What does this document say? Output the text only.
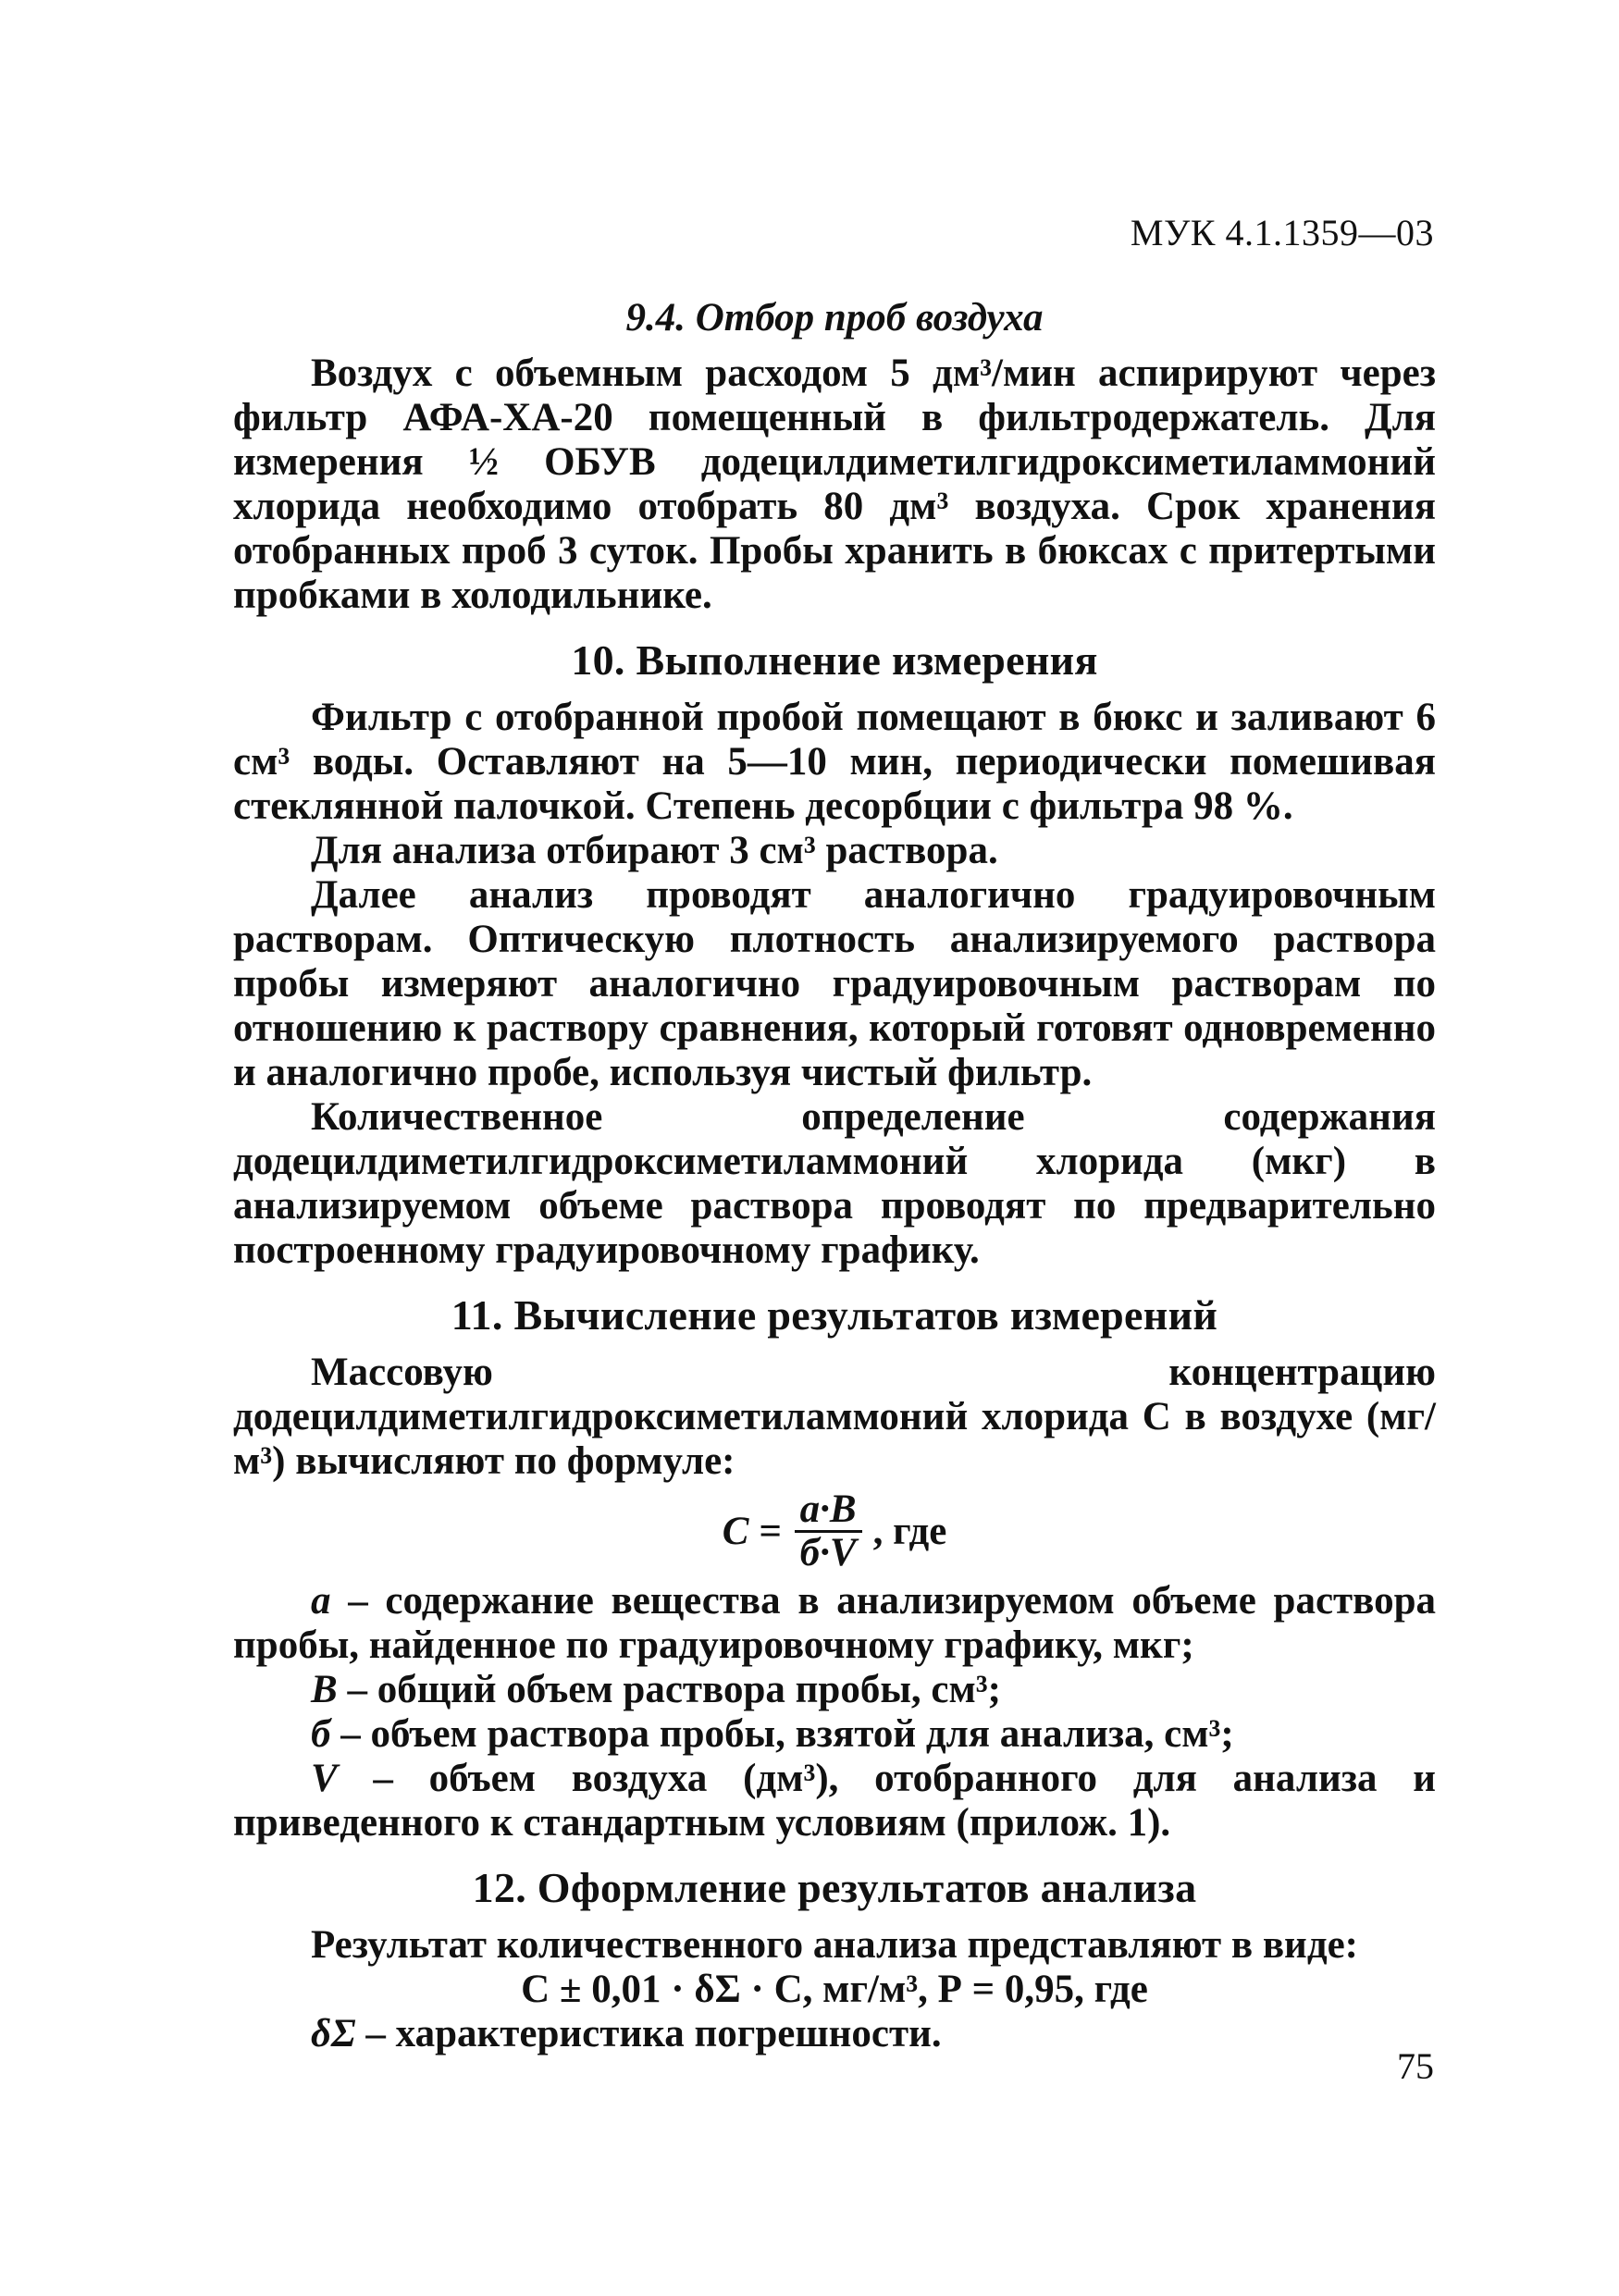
МУК 4.1.1359—03

9.4. Отбор проб воздуха

Воздух с объемным расходом 5 дм³/мин аспирируют через фильтр АФА-ХА-20 помещенный в фильтродержатель. Для измерения ½ ОБУВ додецилдиметилгидроксиметиламмоний хлорида необходимо отобрать 80 дм³ воздуха. Срок хранения отобранных проб 3 суток. Пробы хранить в бюксах с притертыми пробками в холодильнике.

10. Выполнение измерения

Фильтр с отобранной пробой помещают в бюкс и заливают 6 см³ воды. Оставляют на 5—10 мин, периодически помешивая стеклянной палочкой. Степень десорбции с фильтра 98 %.

Для анализа отбирают 3 см³ раствора.

Далее анализ проводят аналогично градуировочным растворам. Оптическую плотность анализируемого раствора пробы измеряют аналогично градуировочным растворам по отношению к раствору сравнения, который готовят одновременно и аналогично пробе, используя чистый фильтр.

Количественное определение содержания додецилдиметилгидроксиметиламмоний хлорида (мкг) в анализируемом объеме раствора проводят по предварительно построенному градуировочному графику.

11. Вычисление результатов измерений

Массовую концентрацию додецилдиметилгидроксиметиламмоний хлорида С в воздухе (мг/м³) вычисляют по формуле:

$C = \frac{a\cdot B}{б\cdot V}$ , где

a – содержание вещества в анализируемом объеме раствора пробы, найденное по градуировочному графику, мкг;

B – общий объем раствора пробы, см³;

б – объем раствора пробы, взятой для анализа, см³;

V – объем воздуха (дм³), отобранного для анализа и приведенного к стандартным условиям (прилож. 1).

12. Оформление результатов анализа

Результат количественного анализа представляют в виде:

С ± 0,01 · δΣ · С, мг/м³, Р = 0,95, где

δΣ – характеристика погрешности.

75
